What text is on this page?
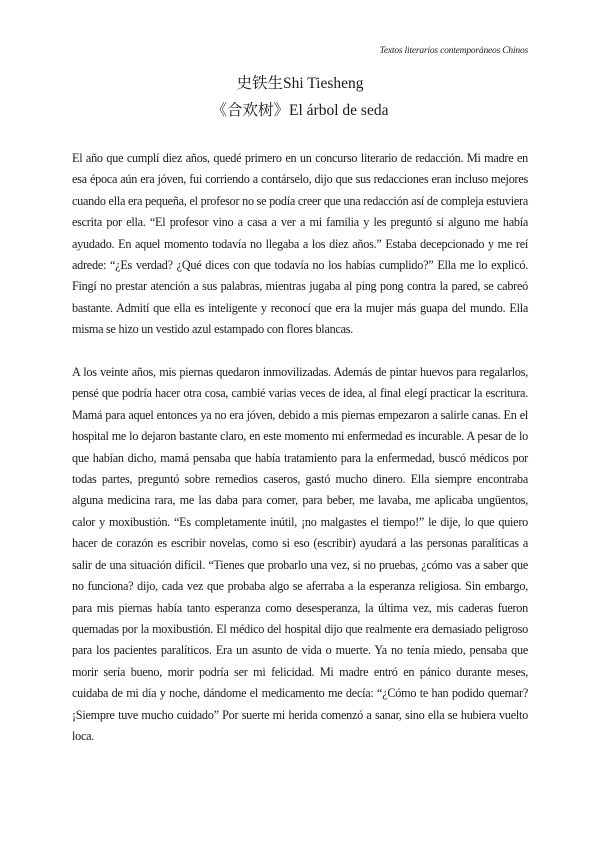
Textos literarios contemporáneos Chinos
史铁生Shi Tiesheng
《合欢树》El árbol de seda

El año que cumplí diez años, quedé primero en un concurso literario de redacción. Mi madre en esa época aún era jóven, fui corriendo a contárselo, dijo que sus redacciones eran incluso mejores cuando ella era pequeña, el profesor no se podía creer que una redacción así de compleja estuviera escrita por ella. “El profesor vino a casa a ver a mi familia y les preguntó si alguno me había ayudado. En aquel momento todavía no llegaba a los diez años.” Estaba decepcionado y me reí adrede: “¿Es verdad? ¿Qué dices con que todavía no los habías cumplido?” Ella me lo explicó. Fingí no prestar atención a sus palabras, mientras jugaba al ping pong contra la pared, se cabreó bastante. Admití que ella es inteligente y reconocí que era la mujer más guapa del mundo. Ella misma se hizo un vestido azul estampado con flores blancas.

A los veinte años, mis piernas quedaron inmovilizadas. Además de pintar huevos para regalarlos, pensé que podría hacer otra cosa, cambié varias veces de idea, al final elegí practicar la escritura. Mamá para aquel entonces ya no era jóven, debido a mis piernas empezaron a salirle canas. En el hospital me lo dejaron bastante claro, en este momento mi enfermedad es incurable. A pesar de lo que habían dicho, mamá pensaba que había tratamiento para la enfermedad, buscó médicos por todas partes, preguntó sobre remedios caseros, gastó mucho dinero. Ella siempre encontraba alguna medicina rara, me las daba para comer, para beber, me lavaba, me aplicaba ungüentos, calor y moxibustión. “Es completamente inútil, ¡no malgastes el tiempo!” le dije, lo que quiero hacer de corazón es escribir novelas, como si eso (escribir) ayudará a las personas paralíticas a salir de una situación difícil. “Tienes que probarlo una vez, si no pruebas, ¿cómo vas a saber que no funciona? dijo, cada vez que probaba algo se aferraba a la esperanza religiosa. Sin embargo, para mis piernas había tanto esperanza como desesperanza, la última vez, mis caderas fueron quemadas por la moxibustión. El médico del hospital dijo que realmente era demasiado peligroso para los pacientes paralíticos. Era un asunto de vida o muerte. Ya no tenía miedo, pensaba que morir sería bueno, morir podría ser mi felicidad. Mi madre entró en pánico durante meses, cuidaba de mi día y noche, dándome el medicamento me decía: “¿Cómo te han podido quemar? ¡Siempre tuve mucho cuidado” Por suerte mi herida comenzó a sanar, sino ella se hubiera vuelto loca.
